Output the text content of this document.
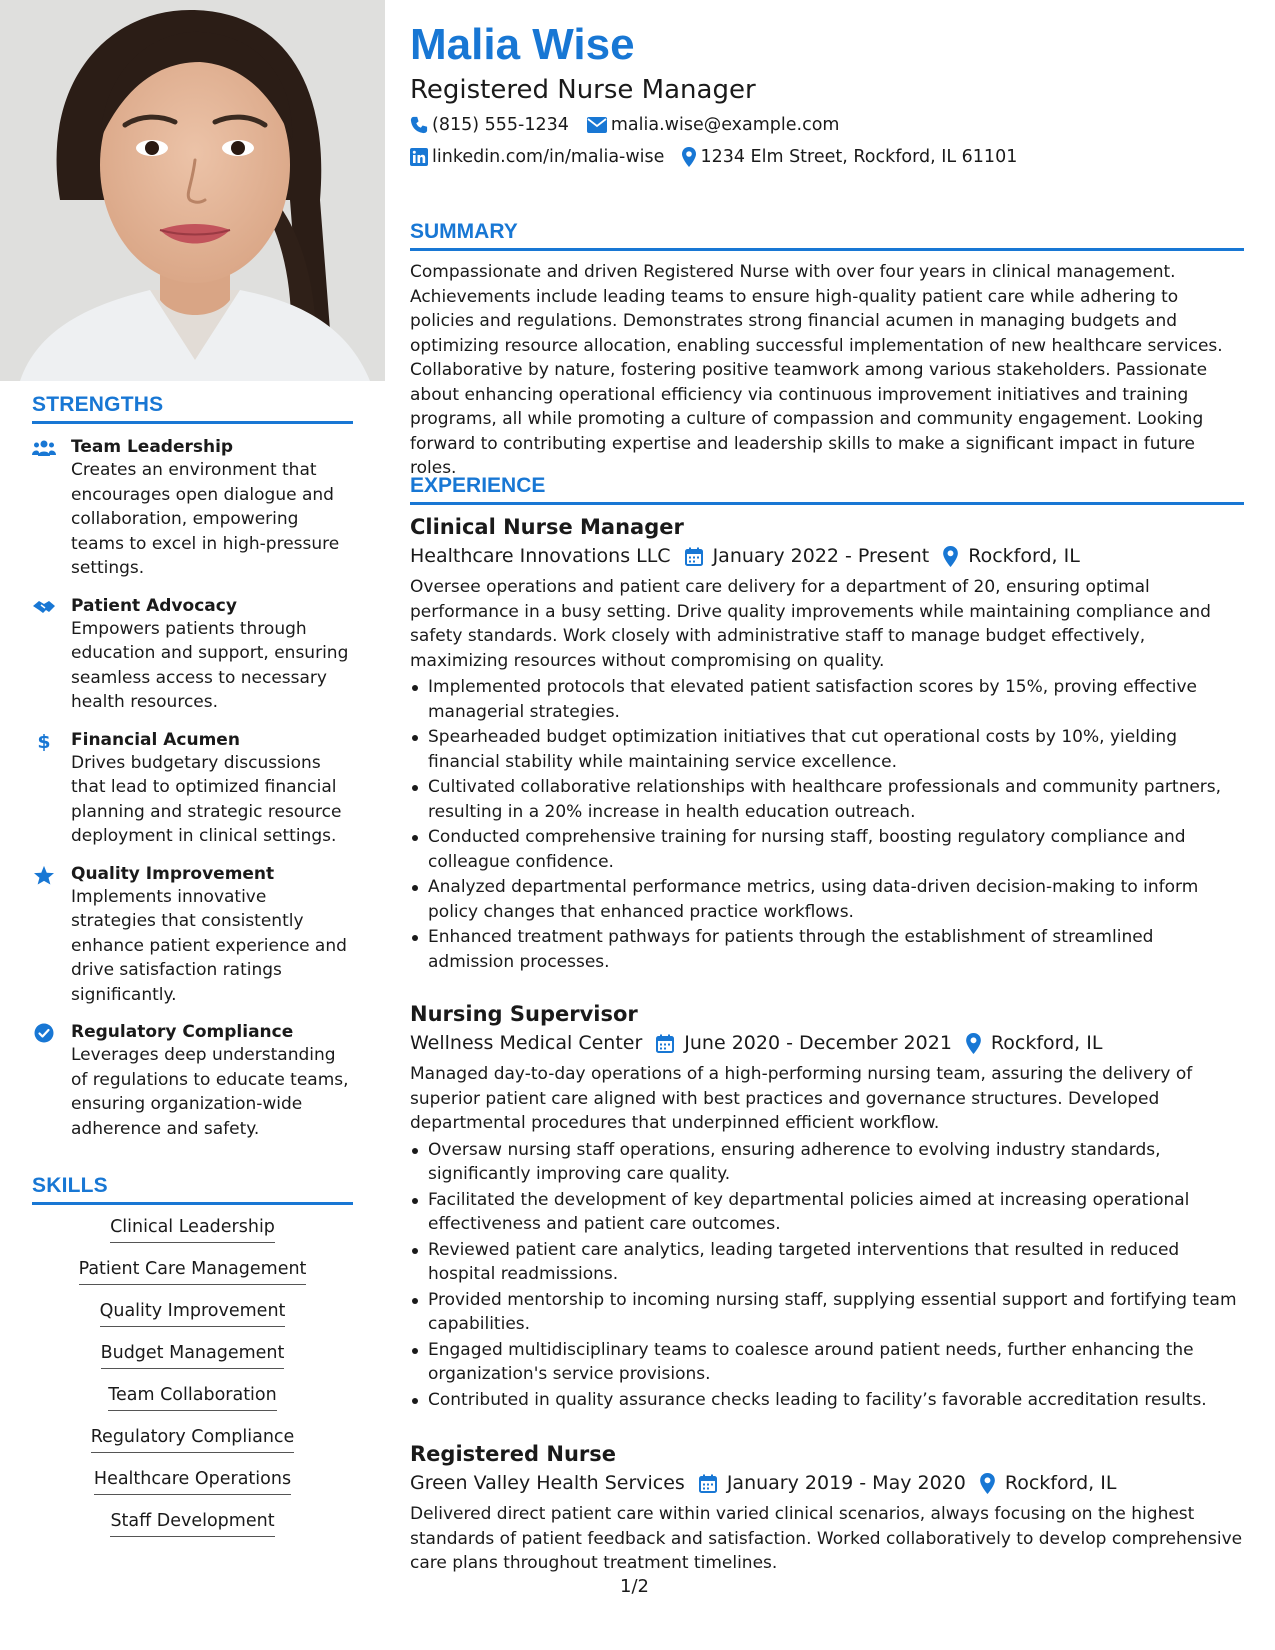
STRENGTHS
Team Leadership
Creates an environment that encourages open dialogue and collaboration, empowering teams to excel in high-pressure settings.
Patient Advocacy
Empowers patients through education and support, ensuring seamless access to necessary health resources.
$ Financial Acumen
Drives budgetary discussions that lead to optimized financial planning and strategic resource deployment in clinical settings.
Quality Improvement
Implements innovative strategies that consistently enhance patient experience and drive satisfaction ratings significantly.
Regulatory Compliance
Leverages deep understanding of regulations to educate teams, ensuring organization-wide adherence and safety.
SKILLS
Clinical Leadership
Patient Care Management
Quality Improvement
Budget Management
Team Collaboration
Regulatory Compliance
Healthcare Operations
Staff Development
Malia Wise
Registered Nurse Manager
(815) 555-1234 malia.wise@example.com
linkedin.com/in/malia-wise 1234 Elm Street, Rockford, IL 61101
SUMMARY
Compassionate and driven Registered Nurse with over four years in clinical management. Achievements include leading teams to ensure high-quality patient care while adhering to policies and regulations. Demonstrates strong financial acumen in managing budgets and optimizing resource allocation, enabling successful implementation of new healthcare services. Collaborative by nature, fostering positive teamwork among various stakeholders. Passionate about enhancing operational efficiency via continuous improvement initiatives and training programs, all while promoting a culture of compassion and community engagement. Looking forward to contributing expertise and leadership skills to make a significant impact in future roles.
EXPERIENCE
Clinical Nurse Manager
Healthcare Innovations LLC January 2022 - Present Rockford, IL
Oversee operations and patient care delivery for a department of 20, ensuring optimal performance in a busy setting. Drive quality improvements while maintaining compliance and safety standards. Work closely with administrative staff to manage budget effectively, maximizing resources without compromising on quality.
Implemented protocols that elevated patient satisfaction scores by 15%, proving effective managerial strategies.
Spearheaded budget optimization initiatives that cut operational costs by 10%, yielding financial stability while maintaining service excellence.
Cultivated collaborative relationships with healthcare professionals and community partners, resulting in a 20% increase in health education outreach.
Conducted comprehensive training for nursing staff, boosting regulatory compliance and colleague confidence.
Analyzed departmental performance metrics, using data-driven decision-making to inform policy changes that enhanced practice workflows.
Enhanced treatment pathways for patients through the establishment of streamlined admission processes.
Nursing Supervisor
Wellness Medical Center June 2020 - December 2021 Rockford, IL
Managed day-to-day operations of a high-performing nursing team, assuring the delivery of superior patient care aligned with best practices and governance structures. Developed departmental procedures that underpinned efficient workflow.
Oversaw nursing staff operations, ensuring adherence to evolving industry standards, significantly improving care quality.
Facilitated the development of key departmental policies aimed at increasing operational effectiveness and patient care outcomes.
Reviewed patient care analytics, leading targeted interventions that resulted in reduced hospital readmissions.
Provided mentorship to incoming nursing staff, supplying essential support and fortifying team capabilities.
Engaged multidisciplinary teams to coalesce around patient needs, further enhancing the organization's service provisions.
Contributed in quality assurance checks leading to facility’s favorable accreditation results.
Registered Nurse
Green Valley Health Services January 2019 - May 2020 Rockford, IL
Delivered direct patient care within varied clinical scenarios, always focusing on the highest standards of patient feedback and satisfaction. Worked collaboratively to develop comprehensive care plans throughout treatment timelines.
1/2
